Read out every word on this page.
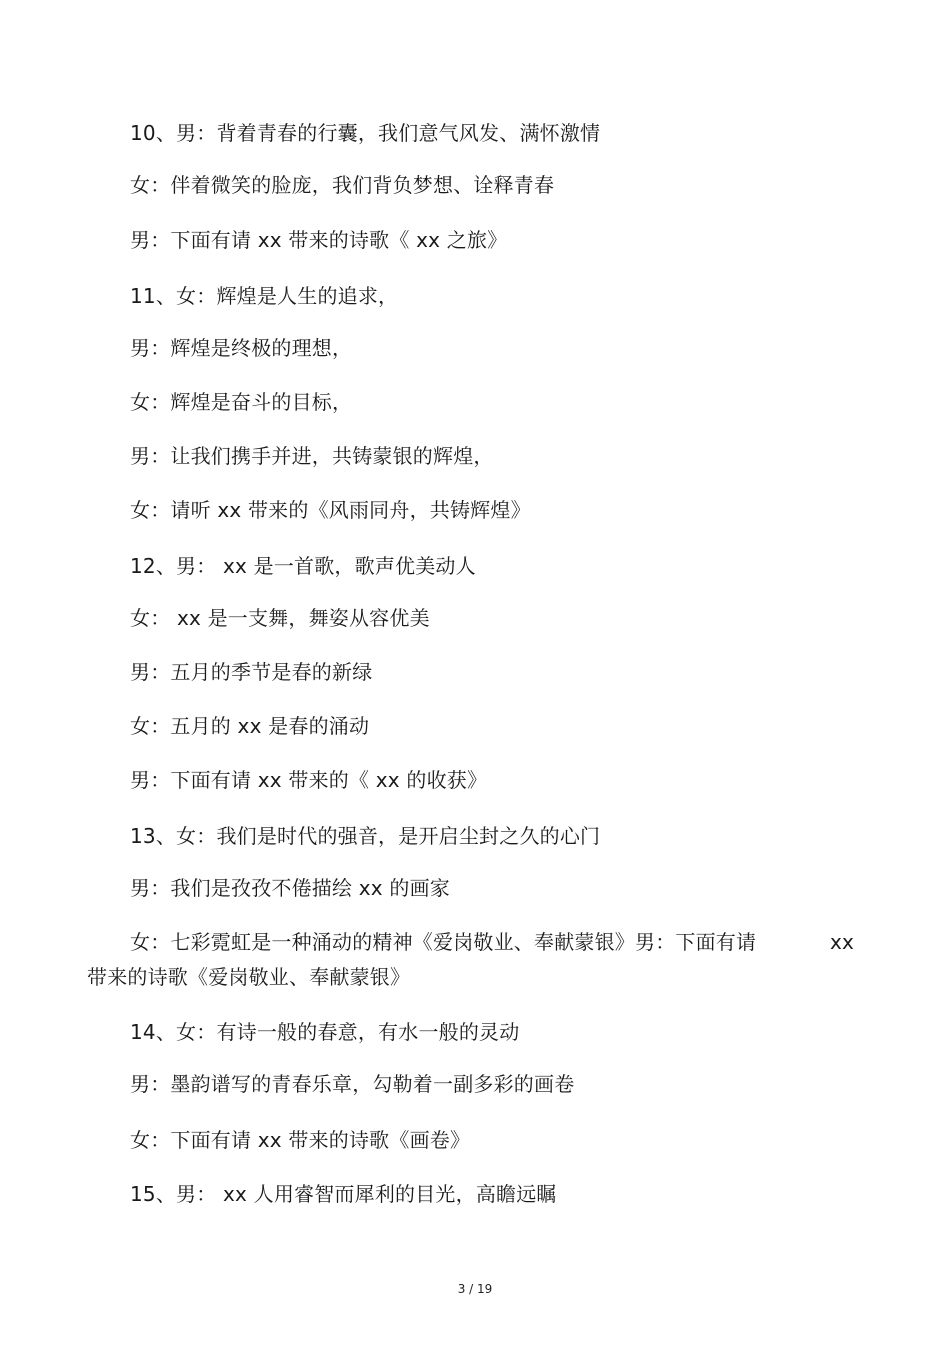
10、男：背着青春的行囊，我们意气风发、满怀激情
女：伴着微笑的脸庞，我们背负梦想、诠释青春
男：下面有请 xx 带来的诗歌《 xx 之旅》
11、女：辉煌是人生的追求，
男：辉煌是终极的理想，
女：辉煌是奋斗的目标，
男：让我们携手并进，共铸蒙银的辉煌，
女：请听 xx 带来的《风雨同舟，共铸辉煌》
12、男： xx 是一首歌，歌声优美动人
女： xx 是一支舞，舞姿从容优美
男：五月的季节是春的新绿
女：五月的 xx 是春的涌动
男：下面有请 xx 带来的《 xx 的收获》
13、女：我们是时代的强音，是开启尘封之久的心门
男：我们是孜孜不倦描绘 xx 的画家
女：七彩霓虹是一种涌动的精神《爱岗敬业、奉献蒙银》男：下面有请	xx
带来的诗歌《爱岗敬业、奉献蒙银》
14、女：有诗一般的春意，有水一般的灵动
男：墨韵谱写的青春乐章，勾勒着一副多彩的画卷
女：下面有请 xx 带来的诗歌《画卷》
15、男： xx 人用睿智而犀利的目光，高瞻远瞩
3 / 19
